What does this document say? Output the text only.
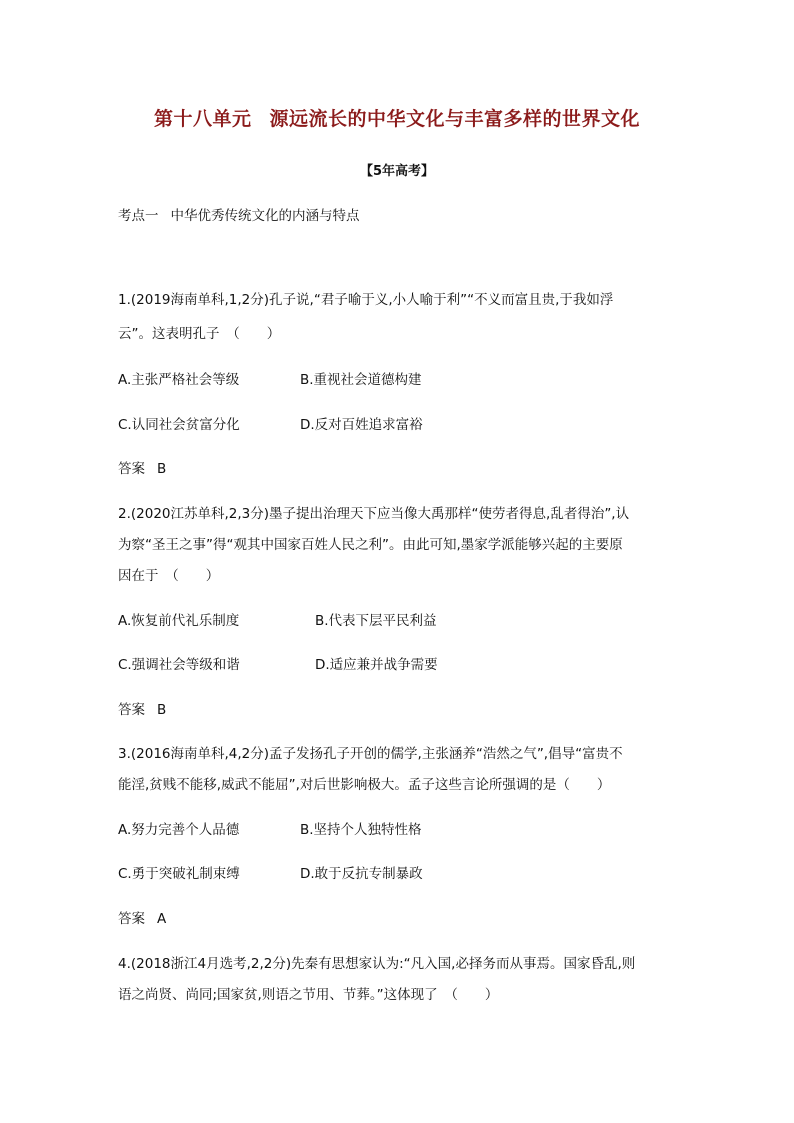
第十八单元 源远流长的中华文化与丰富多样的世界文化
【5年高考】
考点一 中华优秀传统文化的内涵与特点
1.(2019海南单科,1,2分)孔子说,“君子喻于义,小人喻于利”“不义而富且贵,于我如浮
云”。这表明孔子　（　　）
A.主张严格社会等级	B.重视社会道德构建
C.认同社会贫富分化	D.反对百姓追求富裕
答案 B
2.(2020江苏单科,2,3分)墨子提出治理天下应当像大禹那样“使劳者得息,乱者得治”,认
为察“圣王之事”得“观其中国家百姓人民之利”。由此可知,墨家学派能够兴起的主要原
因在于　（　　）
A.恢复前代礼乐制度	B.代表下层平民利益
C.强调社会等级和谐	D.适应兼并战争需要
答案 B
3.(2016海南单科,4,2分)孟子发扬孔子开创的儒学,主张涵养“浩然之气”,倡导“富贵不
能淫,贫贱不能移,威武不能屈”,对后世影响极大。孟子这些言论所强调的是（　　）
A.努力完善个人品德	B.坚持个人独特性格
C.勇于突破礼制束缚	D.敢于反抗专制暴政
答案 A
4.(2018浙江4月选考,2,2分)先秦有思想家认为:“凡入国,必择务而从事焉。国家昏乱,则
语之尚贤、尚同;国家贫,则语之节用、节葬。”这体现了　（　　）
